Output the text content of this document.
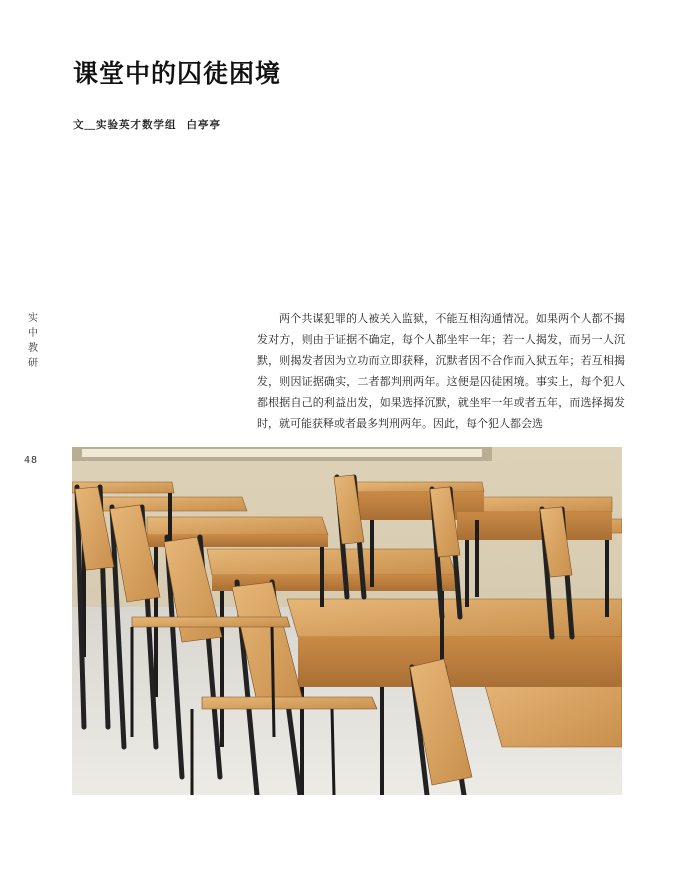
课堂中的囚徒困境
文＿实验英才数学组 白亭亭
实
中
教
研
48

两个共谋犯罪的人被关入监狱，不能互相沟通情况。如果两个人都不揭发对方，则由于证据不确定，每个人都坐牢一年；若一人揭发，而另一人沉默，则揭发者因为立功而立即获释，沉默者因不合作而入狱五年；若互相揭发，则因证据确实，二者都判刑两年。这便是囚徒困境。事实上，每个犯人都根据自己的利益出发，如果选择沉默，就坐牢一年或者五年，而选择揭发时，就可能获释或者最多判刑两年。因此，每个犯人都会选
